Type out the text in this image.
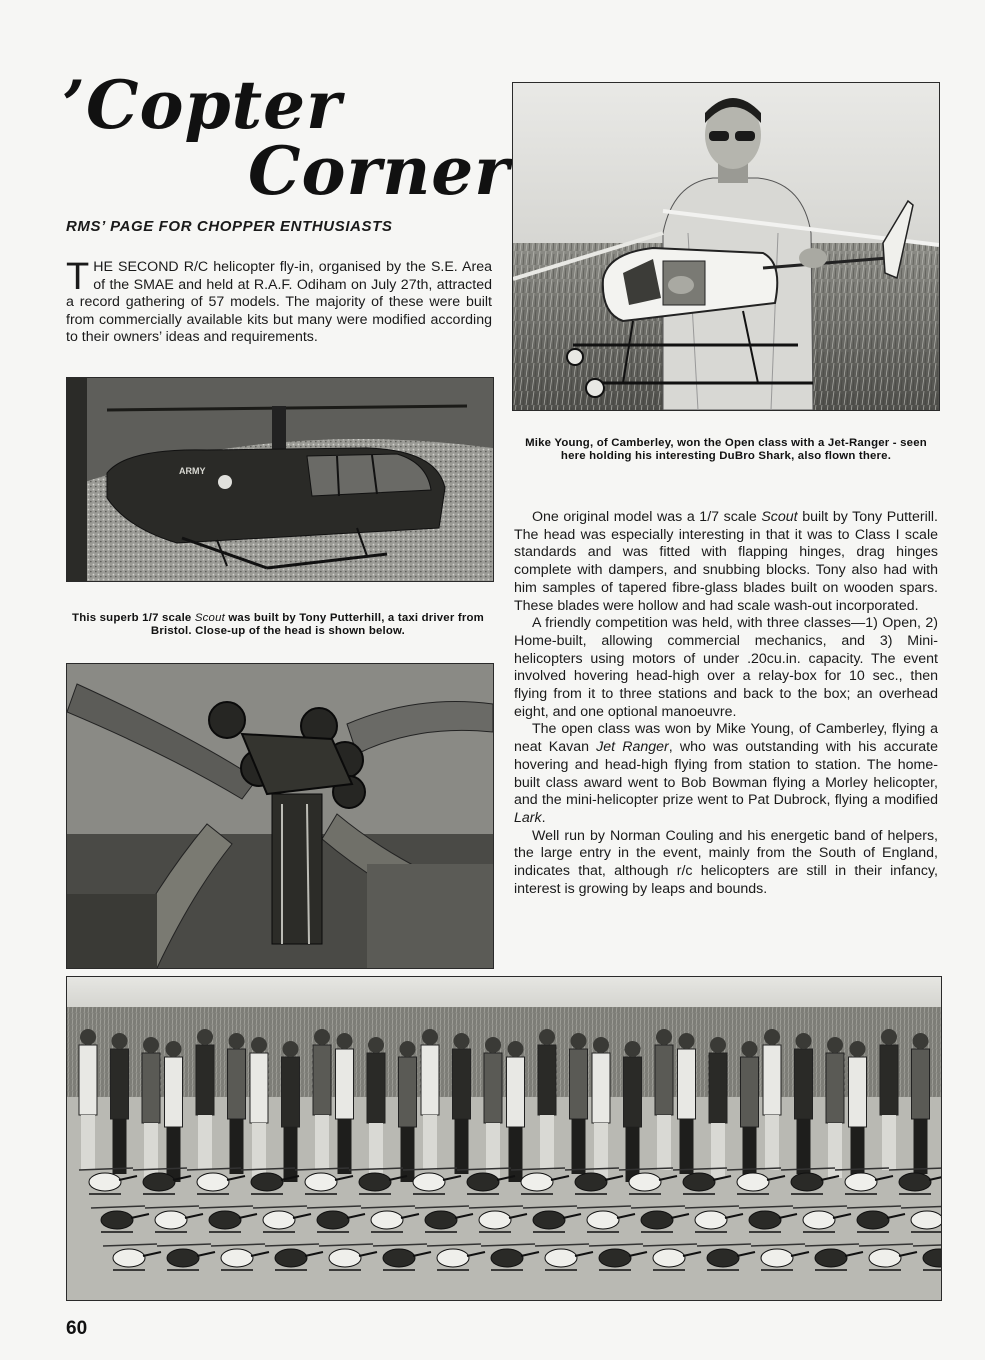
’Copter
Corner
RMS’ PAGE FOR CHOPPER ENTHUSIASTS
THE SECOND R/C helicopter fly-in, organised by the S.E. Area of the SMAE and held at R.A.F. Odiham on July 27th, attracted a record gathering of 57 models. The majority of these were built from commercially available kits but many were modified according to their owners’ ideas and requirements.
Mike Young, of Camberley, won the Open class with a Jet-Ranger - seen here holding his interesting DuBro Shark, also flown there.
ARMY
This superb 1/7 scale Scout was built by Tony Putterhill, a taxi driver from Bristol. Close-up of the head is shown below.

One original model was a 1/7 scale Scout built by Tony Putterill. The head was especially interesting in that it was to Class I scale standards and was fitted with flapping hinges, drag hinges complete with dampers, and snubbing blocks. Tony also had with him samples of tapered fibre-glass blades built on wooden spars. These blades were hollow and had scale wash-out incorporated.

A friendly competition was held, with three classes—1) Open, 2) Home-built, allowing commercial mechanics, and 3) Mini-helicopters using motors of under .20cu.in. capacity. The event involved hovering head-high over a relay-box for 10 sec., then flying from it to three stations and back to the box; an overhead eight, and one optional manoeuvre.

The open class was won by Mike Young, of Camberley, flying a neat Kavan Jet Ranger, who was outstanding with his accurate hovering and head-high flying from station to station. The home-built class award went to Bob Bowman flying a Morley helicopter, and the mini-helicopter prize went to Pat Dubrock, flying a modified Lark.

Well run by Norman Couling and his energetic band of helpers, the large entry in the event, mainly from the South of England, indicates that, although r/c helicopters are still in their infancy, interest is growing by leaps and bounds.

60
